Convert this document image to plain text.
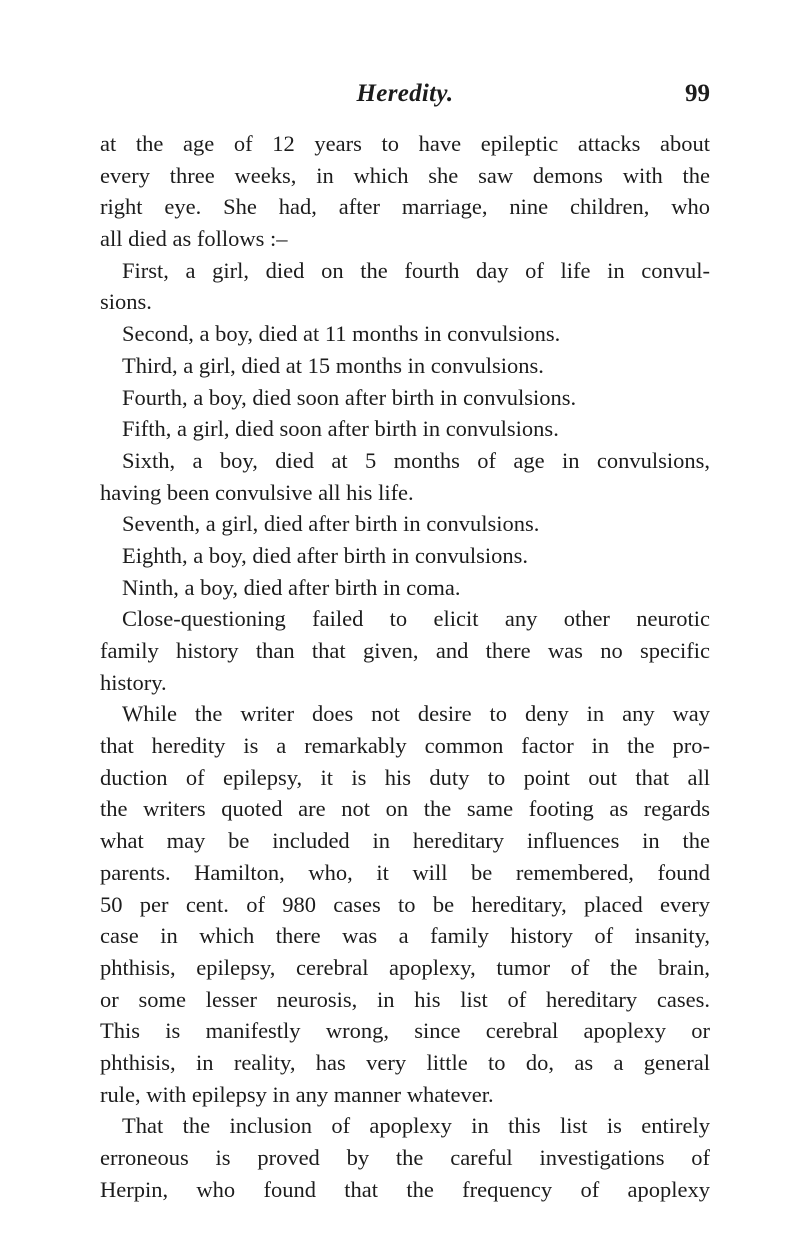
Heredity.	99
at the age of 12 years to have epileptic attacks about
every three weeks, in which she saw demons with the
right eye. She had, after marriage, nine children, who
all died as follows :–
First, a girl, died on the fourth day of life in convul-
sions.
Second, a boy, died at 11 months in convulsions.
Third, a girl, died at 15 months in convulsions.
Fourth, a boy, died soon after birth in convulsions.
Fifth, a girl, died soon after birth in convulsions.
Sixth, a boy, died at 5 months of age in convulsions,
having been convulsive all his life.
Seventh, a girl, died after birth in convulsions.
Eighth, a boy, died after birth in convulsions.
Ninth, a boy, died after birth in coma.
Close-questioning failed to elicit any other neurotic
family history than that given, and there was no specific
history.
While the writer does not desire to deny in any way
that heredity is a remarkably common factor in the pro-
duction of epilepsy, it is his duty to point out that all
the writers quoted are not on the same footing as regards
what may be included in hereditary influences in the
parents. Hamilton, who, it will be remembered, found
50 per cent. of 980 cases to be hereditary, placed every
case in which there was a family history of insanity,
phthisis, epilepsy, cerebral apoplexy, tumor of the brain,
or some lesser neurosis, in his list of hereditary cases.
This is manifestly wrong, since cerebral apoplexy or
phthisis, in reality, has very little to do, as a general
rule, with epilepsy in any manner whatever.
That the inclusion of apoplexy in this list is entirely
erroneous is proved by the careful investigations of
Herpin, who found that the frequency of apoplexy
